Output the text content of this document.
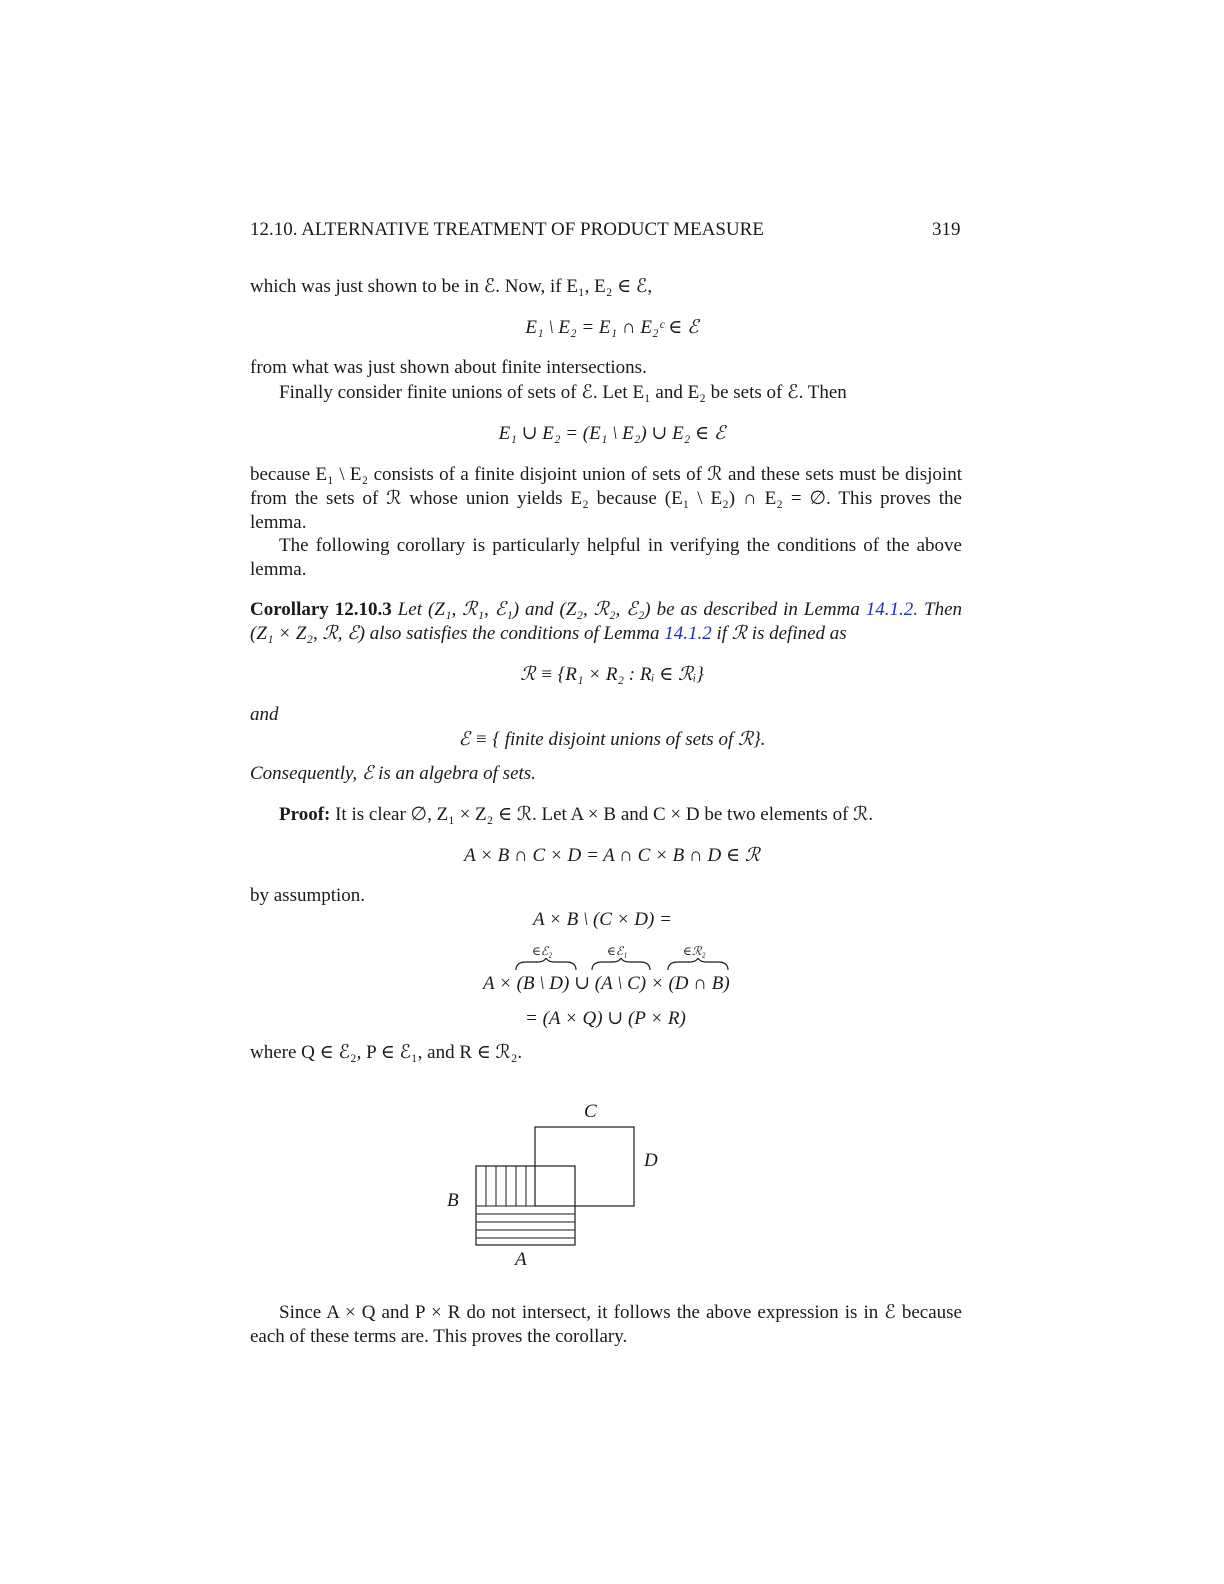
12.10. ALTERNATIVE TREATMENT OF PRODUCT MEASURE	319
which was just shown to be in ℰ. Now, if E₁, E₂ ∈ ℰ,
E₁ \ E₂ = E₁ ∩ E₂ᶜ ∈ ℰ
from what was just shown about finite intersections.
Finally consider finite unions of sets of ℰ. Let E₁ and E₂ be sets of ℰ. Then
E₁ ∪ E₂ = (E₁ \ E₂) ∪ E₂ ∈ ℰ
because E₁ \ E₂ consists of a finite disjoint union of sets of ℛ and these sets must be disjoint from the sets of ℛ whose union yields E₂ because (E₁ \ E₂) ∩ E₂ = ∅. This proves the lemma.
The following corollary is particularly helpful in verifying the conditions of the above lemma.
Corollary 12.10.3 Let (Z₁, ℛ₁, ℰ₁) and (Z₂, ℛ₂, ℰ₂) be as described in Lemma 14.1.2. Then (Z₁ × Z₂, ℛ, ℰ) also satisfies the conditions of Lemma 14.1.2 if ℛ is defined as
ℛ ≡ {R₁ × R₂ : Rᵢ ∈ ℛᵢ}
and
ℰ ≡ { finite disjoint unions of sets of ℛ}.
Consequently, ℰ is an algebra of sets.
Proof: It is clear ∅, Z₁ × Z₂ ∈ ℛ. Let A × B and C × D be two elements of ℛ.
A × B ∩ C × D = A ∩ C × B ∩ D ∈ ℛ
by assumption.
A × B \ (C × D) =
∈ℰ₂	∈ℰ₁	∈ℛ₂
A × (B \ D) ∪ (A \ C) × (D ∩ B)
= (A × Q) ∪ (P × R)
where Q ∈ ℰ₂, P ∈ ℰ₁, and R ∈ ℛ₂.
C
D
B
A
Since A × Q and P × R do not intersect, it follows the above expression is in ℰ because each of these terms are. This proves the corollary.
